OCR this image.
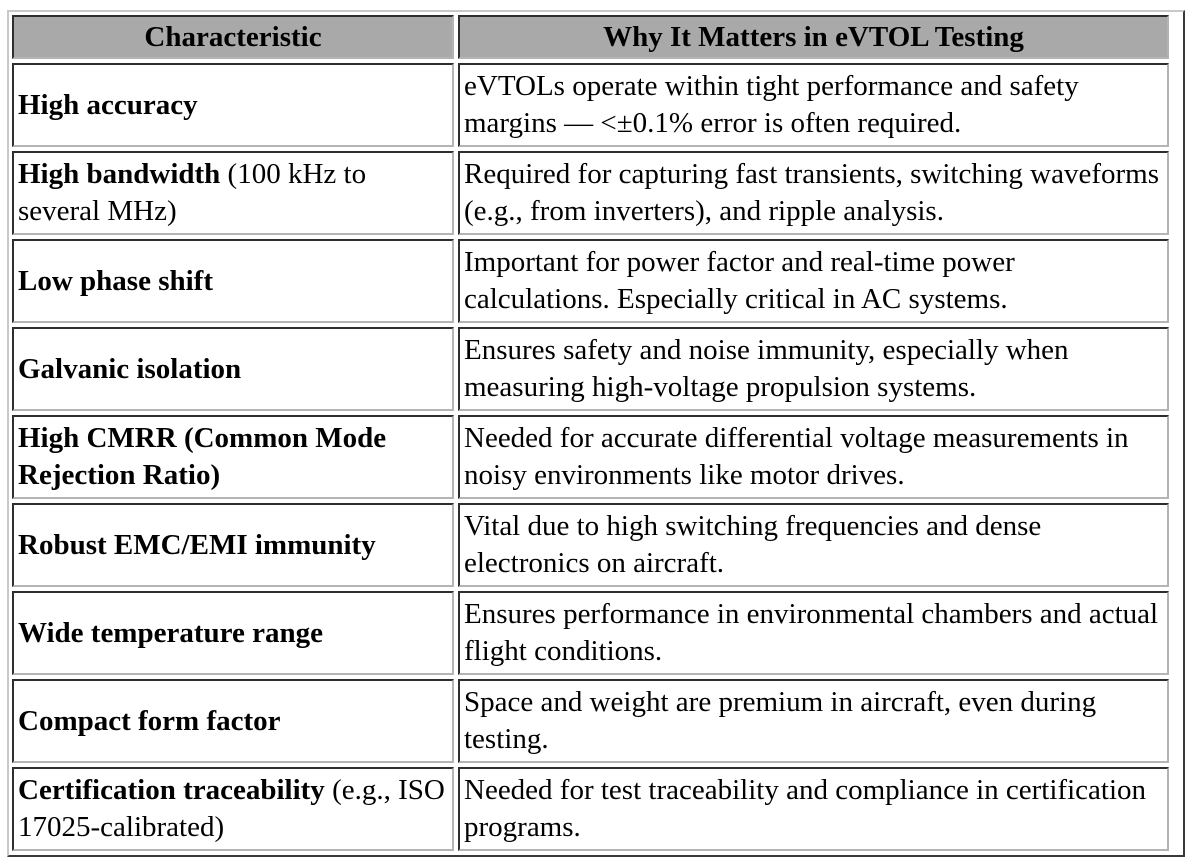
Characteristic		Why It Matters in eVTOL Testing

High accuracy		eVTOLs operate within tight performance and safety margins — <±0.1% error is often required.

High bandwidth (100 kHz to several MHz)		Required for capturing fast transients, switching waveforms (e.g., from inverters), and ripple analysis.

Low phase shift		Important for power factor and real-time power calculations. Especially critical in AC systems.

Galvanic isolation		Ensures safety and noise immunity, especially when measuring high-voltage propulsion systems.

High CMRR (Common Mode Rejection Ratio)		Needed for accurate differential voltage measurements in noisy environments like motor drives.

Robust EMC/EMI immunity		Vital due to high switching frequencies and dense electronics on aircraft.

Wide temperature range		Ensures performance in environmental chambers and actual flight conditions.

Compact form factor		Space and weight are premium in aircraft, even during testing.

Certification traceability (e.g., ISO 17025-calibrated)		Needed for test traceability and compliance in certification programs.
